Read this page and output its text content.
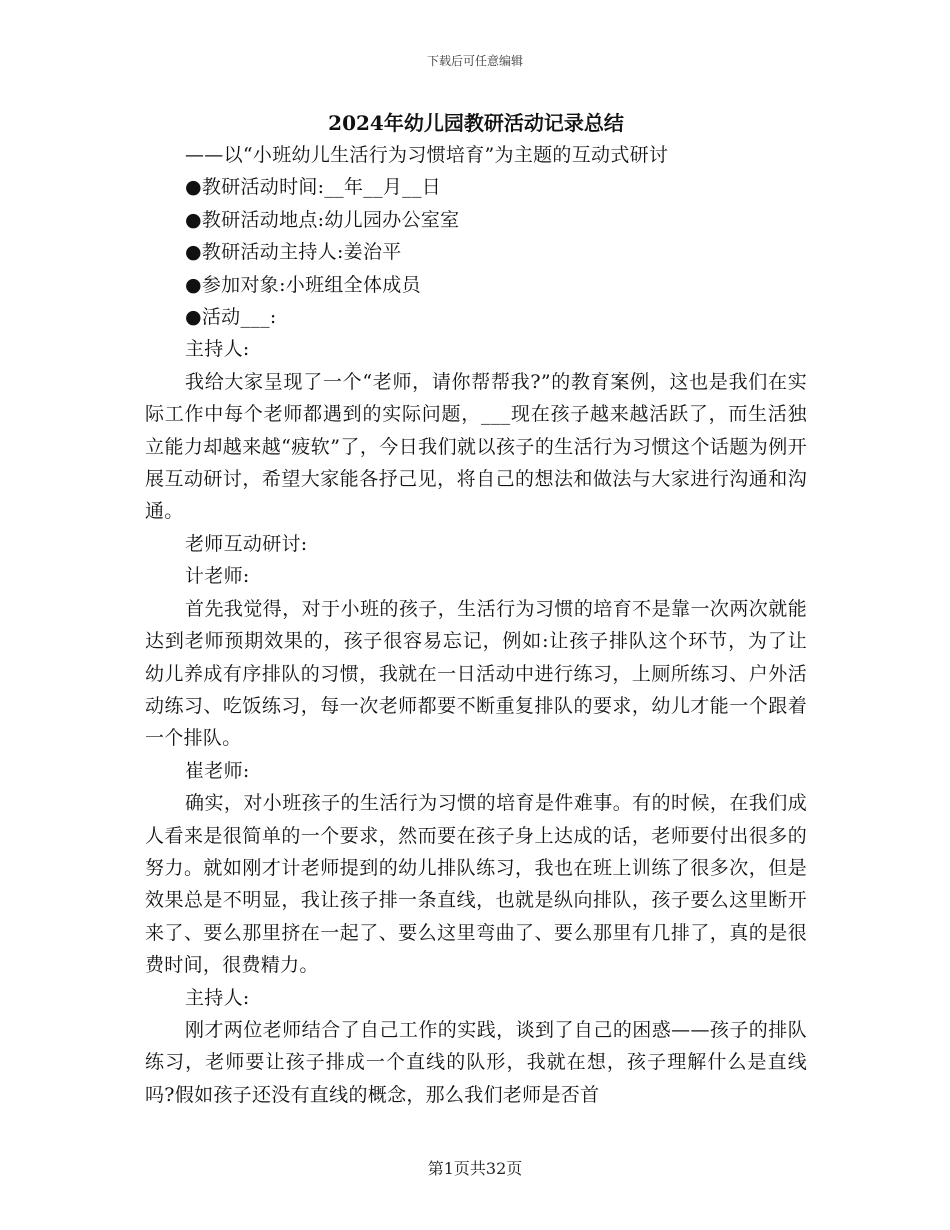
下载后可任意编辑

2024年幼儿园教研活动记录总结

——以“小班幼儿生活行为习惯培育”为主题的互动式研讨

●教研活动时间:__年__月__日

●教研活动地点:幼儿园办公室室

●教研活动主持人:姜治平

●参加对象:小班组全体成员

●活动___:

主持人:

我给大家呈现了一个“老师，请你帮帮我?”的教育案例，这也是我们在实际工作中每个老师都遇到的实际问题，___现在孩子越来越活跃了，而生活独立能力却越来越“疲软”了，今日我们就以孩子的生活行为习惯这个话题为例开展互动研讨，希望大家能各抒己见，将自己的想法和做法与大家进行沟通和沟通。

老师互动研讨:

计老师:

首先我觉得，对于小班的孩子，生活行为习惯的培育不是靠一次两次就能达到老师预期效果的，孩子很容易忘记，例如:让孩子排队这个环节，为了让幼儿养成有序排队的习惯，我就在一日活动中进行练习，上厕所练习、户外活动练习、吃饭练习，每一次老师都要不断重复排队的要求，幼儿才能一个跟着一个排队。

崔老师:

确实，对小班孩子的生活行为习惯的培育是件难事。有的时候，在我们成人看来是很简单的一个要求，然而要在孩子身上达成的话，老师要付出很多的努力。就如刚才计老师提到的幼儿排队练习，我也在班上训练了很多次，但是效果总是不明显，我让孩子排一条直线，也就是纵向排队，孩子要么这里断开来了、要么那里挤在一起了、要么这里弯曲了、要么那里有几排了，真的是很费时间，很费精力。

主持人:

刚才两位老师结合了自己工作的实践，谈到了自己的困惑——孩子的排队练习，老师要让孩子排成一个直线的队形，我就在想，孩子理解什么是直线吗?假如孩子还没有直线的概念，那么我们老师是否首

第1页共32页
